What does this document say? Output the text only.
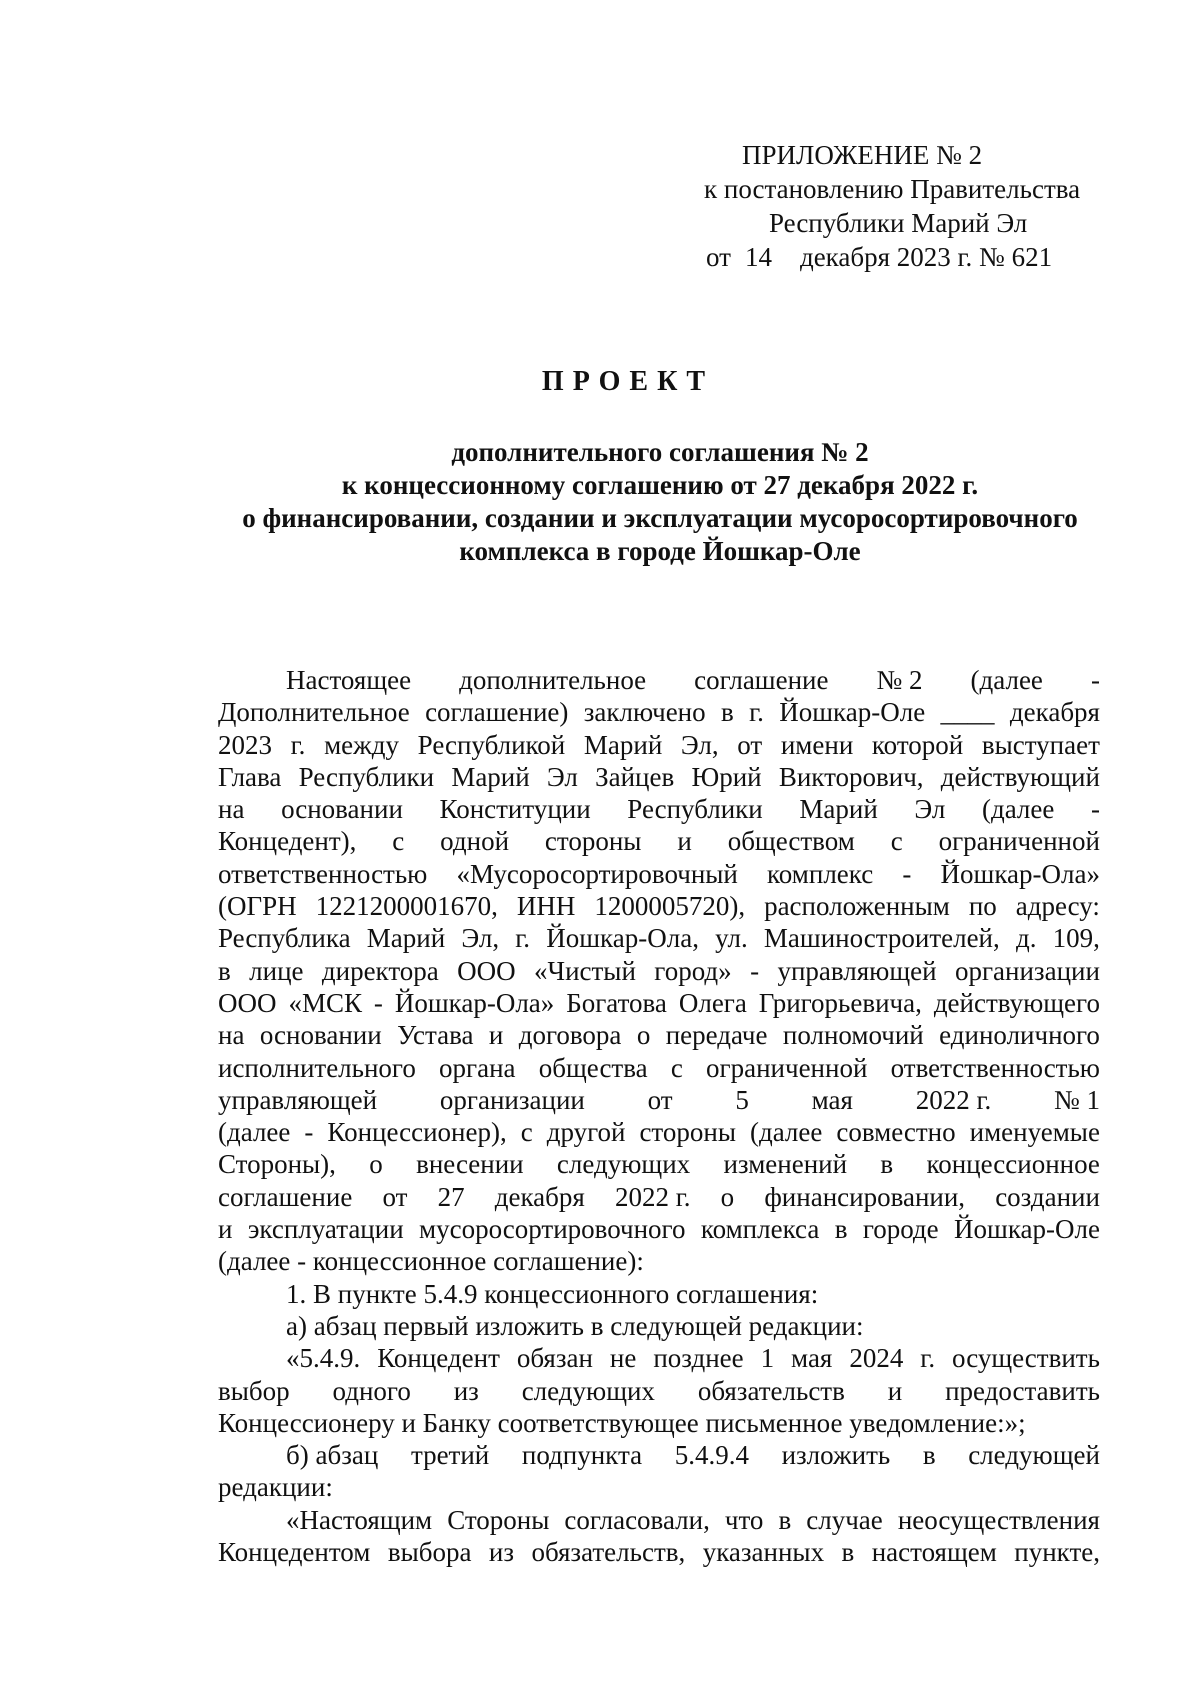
ПРИЛОЖЕНИЕ № 2
к постановлению Правительства
Республики Марий Эл
от 14 декабря 2023 г. № 621
ПРОЕКТ
дополнительного соглашения № 2
к концессионному соглашению от 27 декабря 2022 г.
о финансировании, создании и эксплуатации мусоросортировочного
комплекса в городе Йошкар-Оле
Настоящее дополнительное соглашение № 2 (далее -
Дополнительное соглашение) заключено в г. Йошкар-Оле ____ декабря
2023 г. между Республикой Марий Эл, от имени которой выступает
Глава Республики Марий Эл Зайцев Юрий Викторович, действующий
на основании Конституции Республики Марий Эл (далее -
Концедент), с одной стороны и обществом с ограниченной
ответственностью «Мусоросортировочный комплекс - Йошкар-Ола»
(ОГРН 1221200001670, ИНН 1200005720), расположенным по адресу:
Республика Марий Эл, г. Йошкар-Ола, ул. Машиностроителей, д. 109,
в лице директора ООО «Чистый город» - управляющей организации
ООО «МСК - Йошкар-Ола» Богатова Олега Григорьевича, действующего
на основании Устава и договора о передаче полномочий единоличного
исполнительного органа общества с ограниченной ответственностью
управляющей организации от 5 мая 2022 г. № 1
(далее - Концессионер), с другой стороны (далее совместно именуемые
Стороны), о внесении следующих изменений в концессионное
соглашение от 27 декабря 2022 г. о финансировании, создании
и эксплуатации мусоросортировочного комплекса в городе Йошкар-Оле
(далее - концессионное соглашение):
1. В пункте 5.4.9 концессионного соглашения:
а) абзац первый изложить в следующей редакции:
«5.4.9. Концедент обязан не позднее 1 мая 2024 г. осуществить
выбор одного из следующих обязательств и предоставить
Концессионеру и Банку соответствующее письменное уведомление:»;
б) абзац третий подпункта 5.4.9.4 изложить в следующей
редакции:
«Настоящим Стороны согласовали, что в случае неосуществления
Концедентом выбора из обязательств, указанных в настоящем пункте,
